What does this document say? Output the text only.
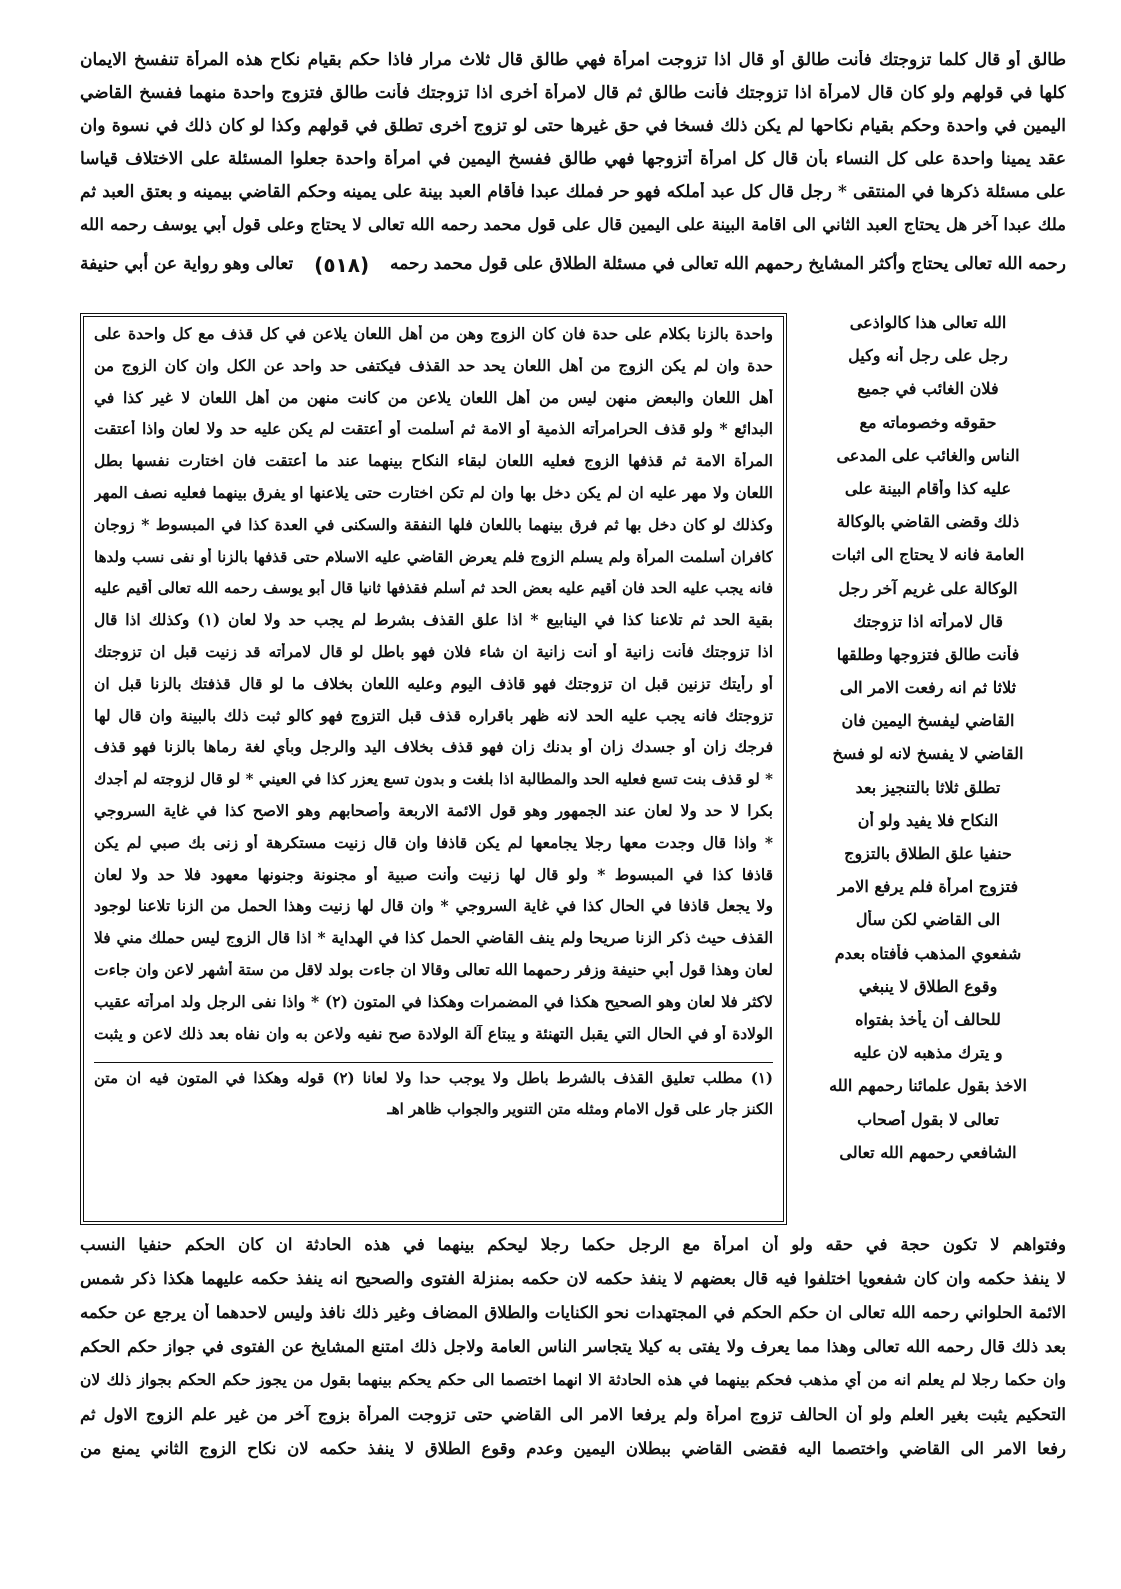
طالق أو قال كلما تزوجتك فأنت طالق أو قال اذا تزوجت امرأة فهي طالق قال ثلاث مرار فاذا حكم بقيام نكاح هذه المرأة تنفسخ الايمان
كلها في قولهم ولو كان قال لامرأة اذا تزوجتك فأنت طالق ثم قال لامرأة أخرى اذا تزوجتك فأنت طالق فتزوج واحدة منهما ففسخ القاضي
اليمين في واحدة وحكم بقيام نكاحها لم يكن ذلك فسخا في حق غيرها حتى لو تزوج أخرى تطلق في قولهم وكذا لو كان ذلك في نسوة وان
عقد يمينا واحدة على كل النساء بأن قال كل امرأة أتزوجها فهي طالق ففسخ اليمين في امرأة واحدة جعلوا المسئلة على الاختلاف قياسا
على مسئلة ذكرها في المنتقى * رجل قال كل عبد أملكه فهو حر فملك عبدا فأقام العبد بينة على يمينه وحكم القاضي بيمينه و بعتق العبد ثم
ملك عبدا آخر هل يحتاج العبد الثاني الى اقامة البينة على اليمين قال على قول محمد رحمه الله تعالى لا يحتاج وعلى قول أبي يوسف رحمه الله
تعالى وهو رواية عن أبي حنيفة (٥١٨) رحمه الله تعالى يحتاج وأكثر المشايخ رحمهم الله تعالى في مسئلة الطلاق على قول محمد رحمه
واحدة بالزنا بكلام على حدة فان كان الزوج وهن من أهل اللعان يلاعن في كل قذف مع كل واحدة على
حدة وان لم يكن الزوج من أهل اللعان يحد حد القذف فيكتفى حد واحد عن الكل وان كان الزوج من
أهل اللعان والبعض منهن ليس من أهل اللعان يلاعن من كانت منهن من أهل اللعان لا غير كذا في
البدائع * ولو قذف الحرامرأته الذمية أو الامة ثم أسلمت أو أعتقت لم يكن عليه حد ولا لعان واذا أعتقت
المرأة الامة ثم قذفها الزوج فعليه اللعان لبقاء النكاح بينهما عند ما أعتقت فان اختارت نفسها بطل
اللعان ولا مهر عليه ان لم يكن دخل بها وان لم تكن اختارت حتى يلاعنها او يفرق بينهما فعليه نصف المهر
وكذلك لو كان دخل بها ثم فرق بينهما باللعان فلها النفقة والسكنى في العدة كذا في المبسوط * زوجان
كافران أسلمت المرأة ولم يسلم الزوج فلم يعرض القاضي عليه الاسلام حتى قذفها بالزنا أو نفى نسب ولدها
فانه يجب عليه الحد فان أقيم عليه بعض الحد ثم أسلم فقذفها ثانيا قال أبو يوسف رحمه الله تعالى أقيم عليه
بقية الحد ثم تلاعنا كذا في الينابيع * اذا علق القذف بشرط لم يجب حد ولا لعان (١) وكذلك اذا قال
اذا تزوجتك فأنت زانية أو أنت زانية ان شاء فلان فهو باطل لو قال لامرأته قد زنيت قبل ان تزوجتك
أو رأيتك تزنين قبل ان تزوجتك فهو قاذف اليوم وعليه اللعان بخلاف ما لو قال قذفتك بالزنا قبل ان
تزوجتك فانه يجب عليه الحد لانه ظهر باقراره قذف قبل التزوج فهو كالو ثبت ذلك بالبينة وان قال لها
فرجك زان أو جسدك زان أو بدنك زان فهو قذف بخلاف اليد والرجل وبأي لغة رماها بالزنا فهو قذف
* لو قذف بنت تسع فعليه الحد والمطالبة اذا بلغت و بدون تسع يعزر كذا في العيني * لو قال لزوجته لم أجدك
بكرا لا حد ولا لعان عند الجمهور وهو قول الائمة الاربعة وأصحابهم وهو الاصح كذا في غاية السروجي
* واذا قال وجدت معها رجلا يجامعها لم يكن قاذفا وان قال زنيت مستكرهة أو زنى بك صبي لم يكن
قاذفا كذا في المبسوط * ولو قال لها زنيت وأنت صبية أو مجنونة وجنونها معهود فلا حد ولا لعان
ولا يجعل قاذفا في الحال كذا في غاية السروجي * وان قال لها زنيت وهذا الحمل من الزنا تلاعنا لوجود
القذف حيث ذكر الزنا صريحا ولم ينف القاضي الحمل كذا في الهداية * اذا قال الزوج ليس حملك مني فلا
لعان وهذا قول أبي حنيفة وزفر رحمهما الله تعالى وقالا ان جاءت بولد لاقل من ستة أشهر لاعن وان جاءت
لاكثر فلا لعان وهو الصحيح هكذا في المضمرات وهكذا في المتون (٢) * واذا نفى الرجل ولد امرأته عقيب
الولادة أو في الحال التي يقبل التهنئة و يبتاع آلة الولادة صح نفيه ولاعن به وان نفاه بعد ذلك لاعن و يثبت
(١) مطلب تعليق القذف بالشرط باطل ولا يوجب حدا ولا لعانا (٢) قوله وهكذا في المتون فيه ان متن
الكنز جار على قول الامام ومثله متن التنوير والجواب ظاهر اهـ
الله تعالى هذا كالواذعى
رجل على رجل أنه وكيل
فلان الغائب في جميع
حقوقه وخصوماته مع
الناس والغائب على المدعى
عليه كذا وأقام البينة على
ذلك وقضى القاضي بالوكالة
العامة فانه لا يحتاج الى اثبات
الوكالة على غريم آخر رجل
قال لامرأته اذا تزوجتك
فأنت طالق فتزوجها وطلقها
ثلاثا ثم انه رفعت الامر الى
القاضي ليفسخ اليمين فان
القاضي لا يفسخ لانه لو فسخ
تطلق ثلاثا بالتنجيز بعد
النكاح فلا يفيد ولو أن
حنفيا علق الطلاق بالتزوج
فتزوج امرأة فلم يرفع الامر
الى القاضي لكن سأل
شفعوي المذهب فأفتاه بعدم
وقوع الطلاق لا ينبغي
للحالف أن يأخذ بفتواه
و يترك مذهبه لان عليه
الاخذ بقول علمائنا رحمهم الله
تعالى لا بقول أصحاب
الشافعي رحمهم الله تعالى
وفتواهم لا تكون حجة في حقه ولو أن امرأة مع الرجل حكما رجلا ليحكم بينهما في هذه الحادثة ان كان الحكم حنفيا النسب
لا ينفذ حكمه وان كان شفعويا اختلفوا فيه قال بعضهم لا ينفذ حكمه لان حكمه بمنزلة الفتوى والصحيح انه ينفذ حكمه عليهما هكذا ذكر شمس
الائمة الحلواني رحمه الله تعالى ان حكم الحكم في المجتهدات نحو الكنايات والطلاق المضاف وغير ذلك نافذ وليس لاحدهما أن يرجع عن حكمه
بعد ذلك قال رحمه الله تعالى وهذا مما يعرف ولا يفتى به كيلا يتجاسر الناس العامة ولاجل ذلك امتنع المشايخ عن الفتوى في جواز حكم الحكم
وان حكما رجلا لم يعلم انه من أي مذهب فحكم بينهما في هذه الحادثة الا انهما اختصما الى حكم يحكم بينهما بقول من يجوز حكم الحكم بجواز ذلك لان
التحكيم يثبت بغير العلم ولو أن الحالف تزوج امرأة ولم يرفعا الامر الى القاضي حتى تزوجت المرأة بزوج آخر من غير علم الزوج الاول ثم
رفعا الامر الى القاضي واختصما اليه فقضى القاضي ببطلان اليمين وعدم وقوع الطلاق لا ينفذ حكمه لان نكاح الزوج الثاني يمنع من
